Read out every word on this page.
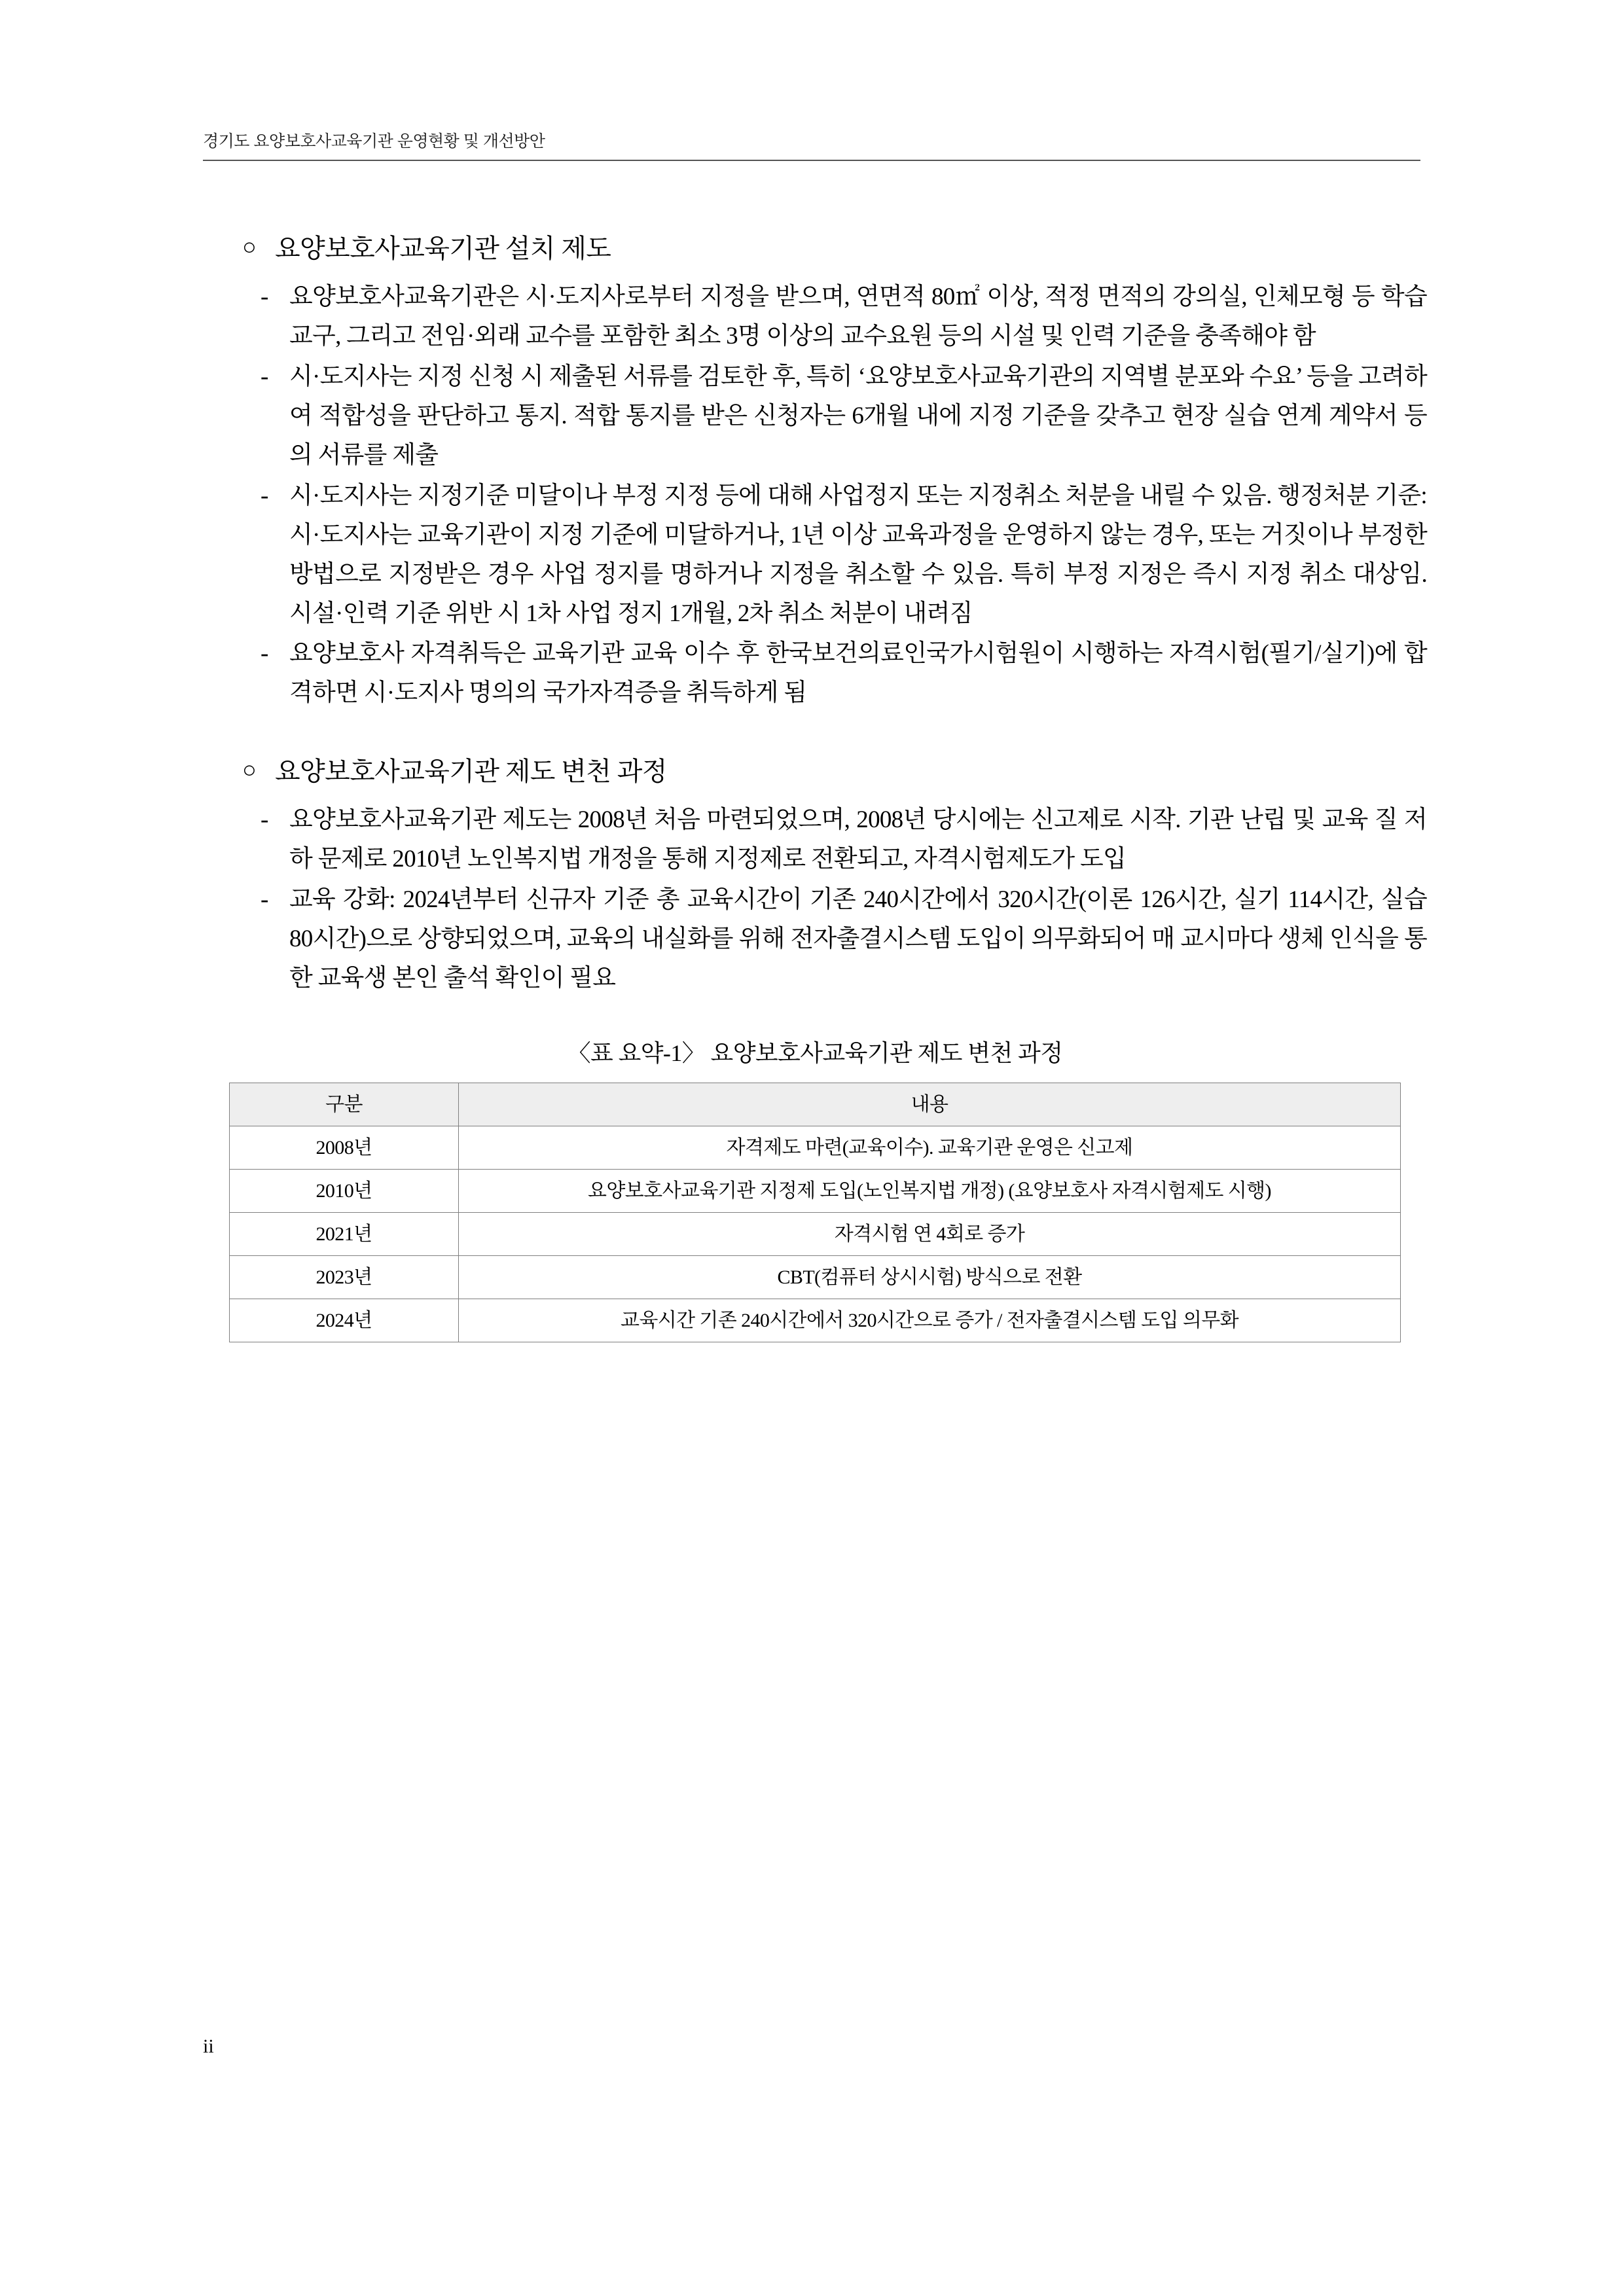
경기도 요양보호사교육기관 운영현황 및 개선방안
○ 요양보호사교육기관 설치 제도
- 요양보호사교육기관은 시·도지사로부터 지정을 받으며, 연면적 80㎡ 이상, 적정 면적의 강의실, 인체모형 등 학습교구, 그리고 전임·외래 교수를 포함한 최소 3명 이상의 교수요원 등의 시설 및 인력 기준을 충족해야 함
- 시·도지사는 지정 신청 시 제출된 서류를 검토한 후, 특히 ‘요양보호사교육기관의 지역별 분포와 수요’ 등을 고려하여 적합성을 판단하고 통지. 적합 통지를 받은 신청자는 6개월 내에 지정 기준을 갖추고 현장 실습 연계 계약서 등의 서류를 제출
- 시·도지사는 지정기준 미달이나 부정 지정 등에 대해 사업정지 또는 지정취소 처분을 내릴 수 있음. 행정처분 기준: 시·도지사는 교육기관이 지정 기준에 미달하거나, 1년 이상 교육과정을 운영하지 않는 경우, 또는 거짓이나 부정한 방법으로 지정받은 경우 사업 정지를 명하거나 지정을 취소할 수 있음. 특히 부정 지정은 즉시 지정 취소 대상임. 시설·인력 기준 위반 시 1차 사업 정지 1개월, 2차 취소 처분이 내려짐
- 요양보호사 자격취득은 교육기관 교육 이수 후 한국보건의료인국가시험원이 시행하는 자격시험(필기/실기)에 합격하면 시·도지사 명의의 국가자격증을 취득하게 됨
○ 요양보호사교육기관 제도 변천 과정
- 요양보호사교육기관 제도는 2008년 처음 마련되었으며, 2008년 당시에는 신고제로 시작. 기관 난립 및 교육 질 저하 문제로 2010년 노인복지법 개정을 통해 지정제로 전환되고, 자격시험제도가 도입
- 교육 강화: 2024년부터 신규자 기준 총 교육시간이 기존 240시간에서 320시간(이론 126시간, 실기 114시간, 실습 80시간)으로 상향되었으며, 교육의 내실화를 위해 전자출결시스템 도입이 의무화되어 매 교시마다 생체 인식을 통한 교육생 본인 출석 확인이 필요
〈표 요약-1〉 요양보호사교육기관 제도 변천 과정
구분	내용
2008년	자격제도 마련(교육이수). 교육기관 운영은 신고제
2010년	요양보호사교육기관 지정제 도입(노인복지법 개정) (요양보호사 자격시험제도 시행)
2021년	자격시험 연 4회로 증가
2023년	CBT(컴퓨터 상시시험) 방식으로 전환
2024년	교육시간 기존 240시간에서 320시간으로 증가 / 전자출결시스템 도입 의무화
ii
